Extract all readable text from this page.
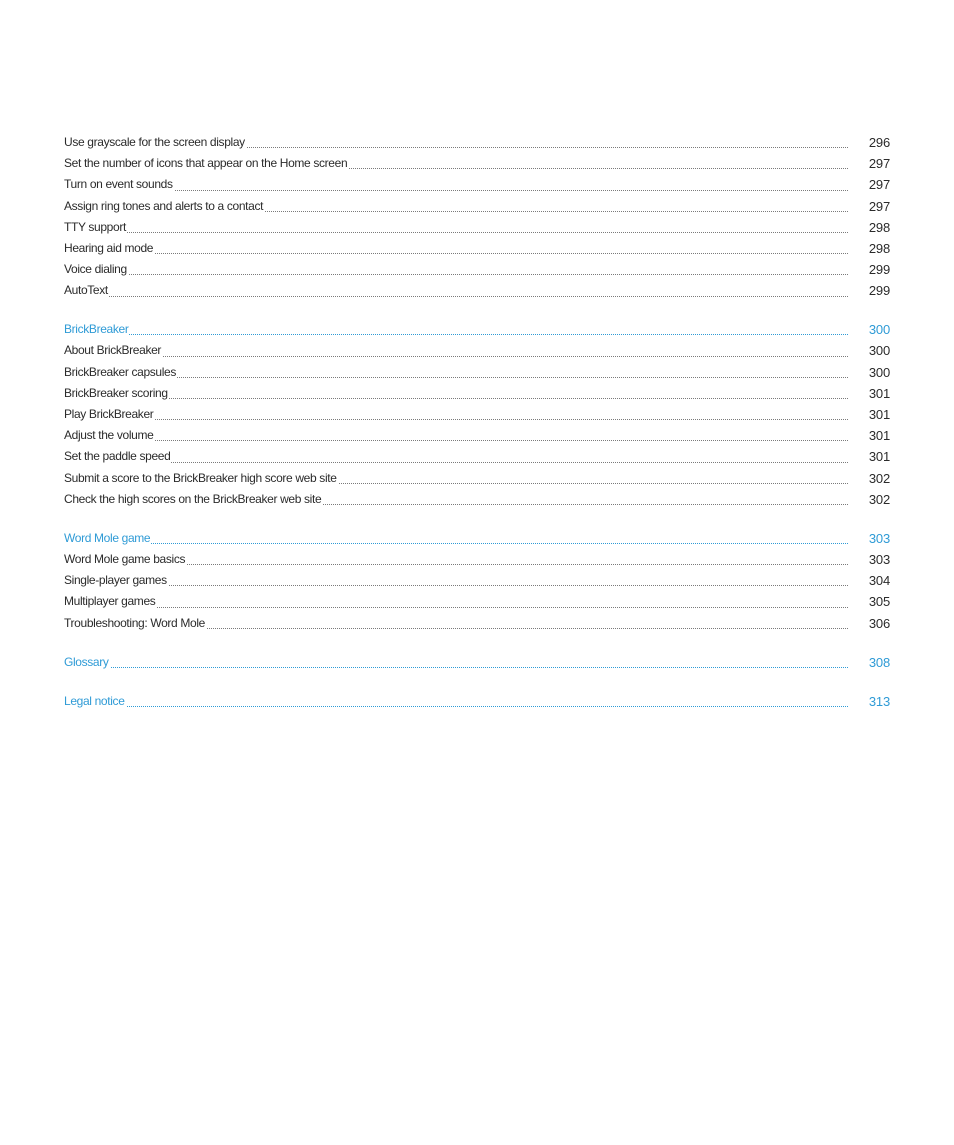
Use grayscale for the screen display	296
Set the number of icons that appear on the Home screen	297
Turn on event sounds	297
Assign ring tones and alerts to a contact	297
TTY support	298
Hearing aid mode	298
Voice dialing	299
AutoText	299
BrickBreaker	300
About BrickBreaker	300
BrickBreaker capsules	300
BrickBreaker scoring	301
Play BrickBreaker	301
Adjust the volume	301
Set the paddle speed	301
Submit a score to the BrickBreaker high score web site	302
Check the high scores on the BrickBreaker web site	302
Word Mole game	303
Word Mole game basics	303
Single-player games	304
Multiplayer games	305
Troubleshooting: Word Mole	306
Glossary	308
Legal notice	313
